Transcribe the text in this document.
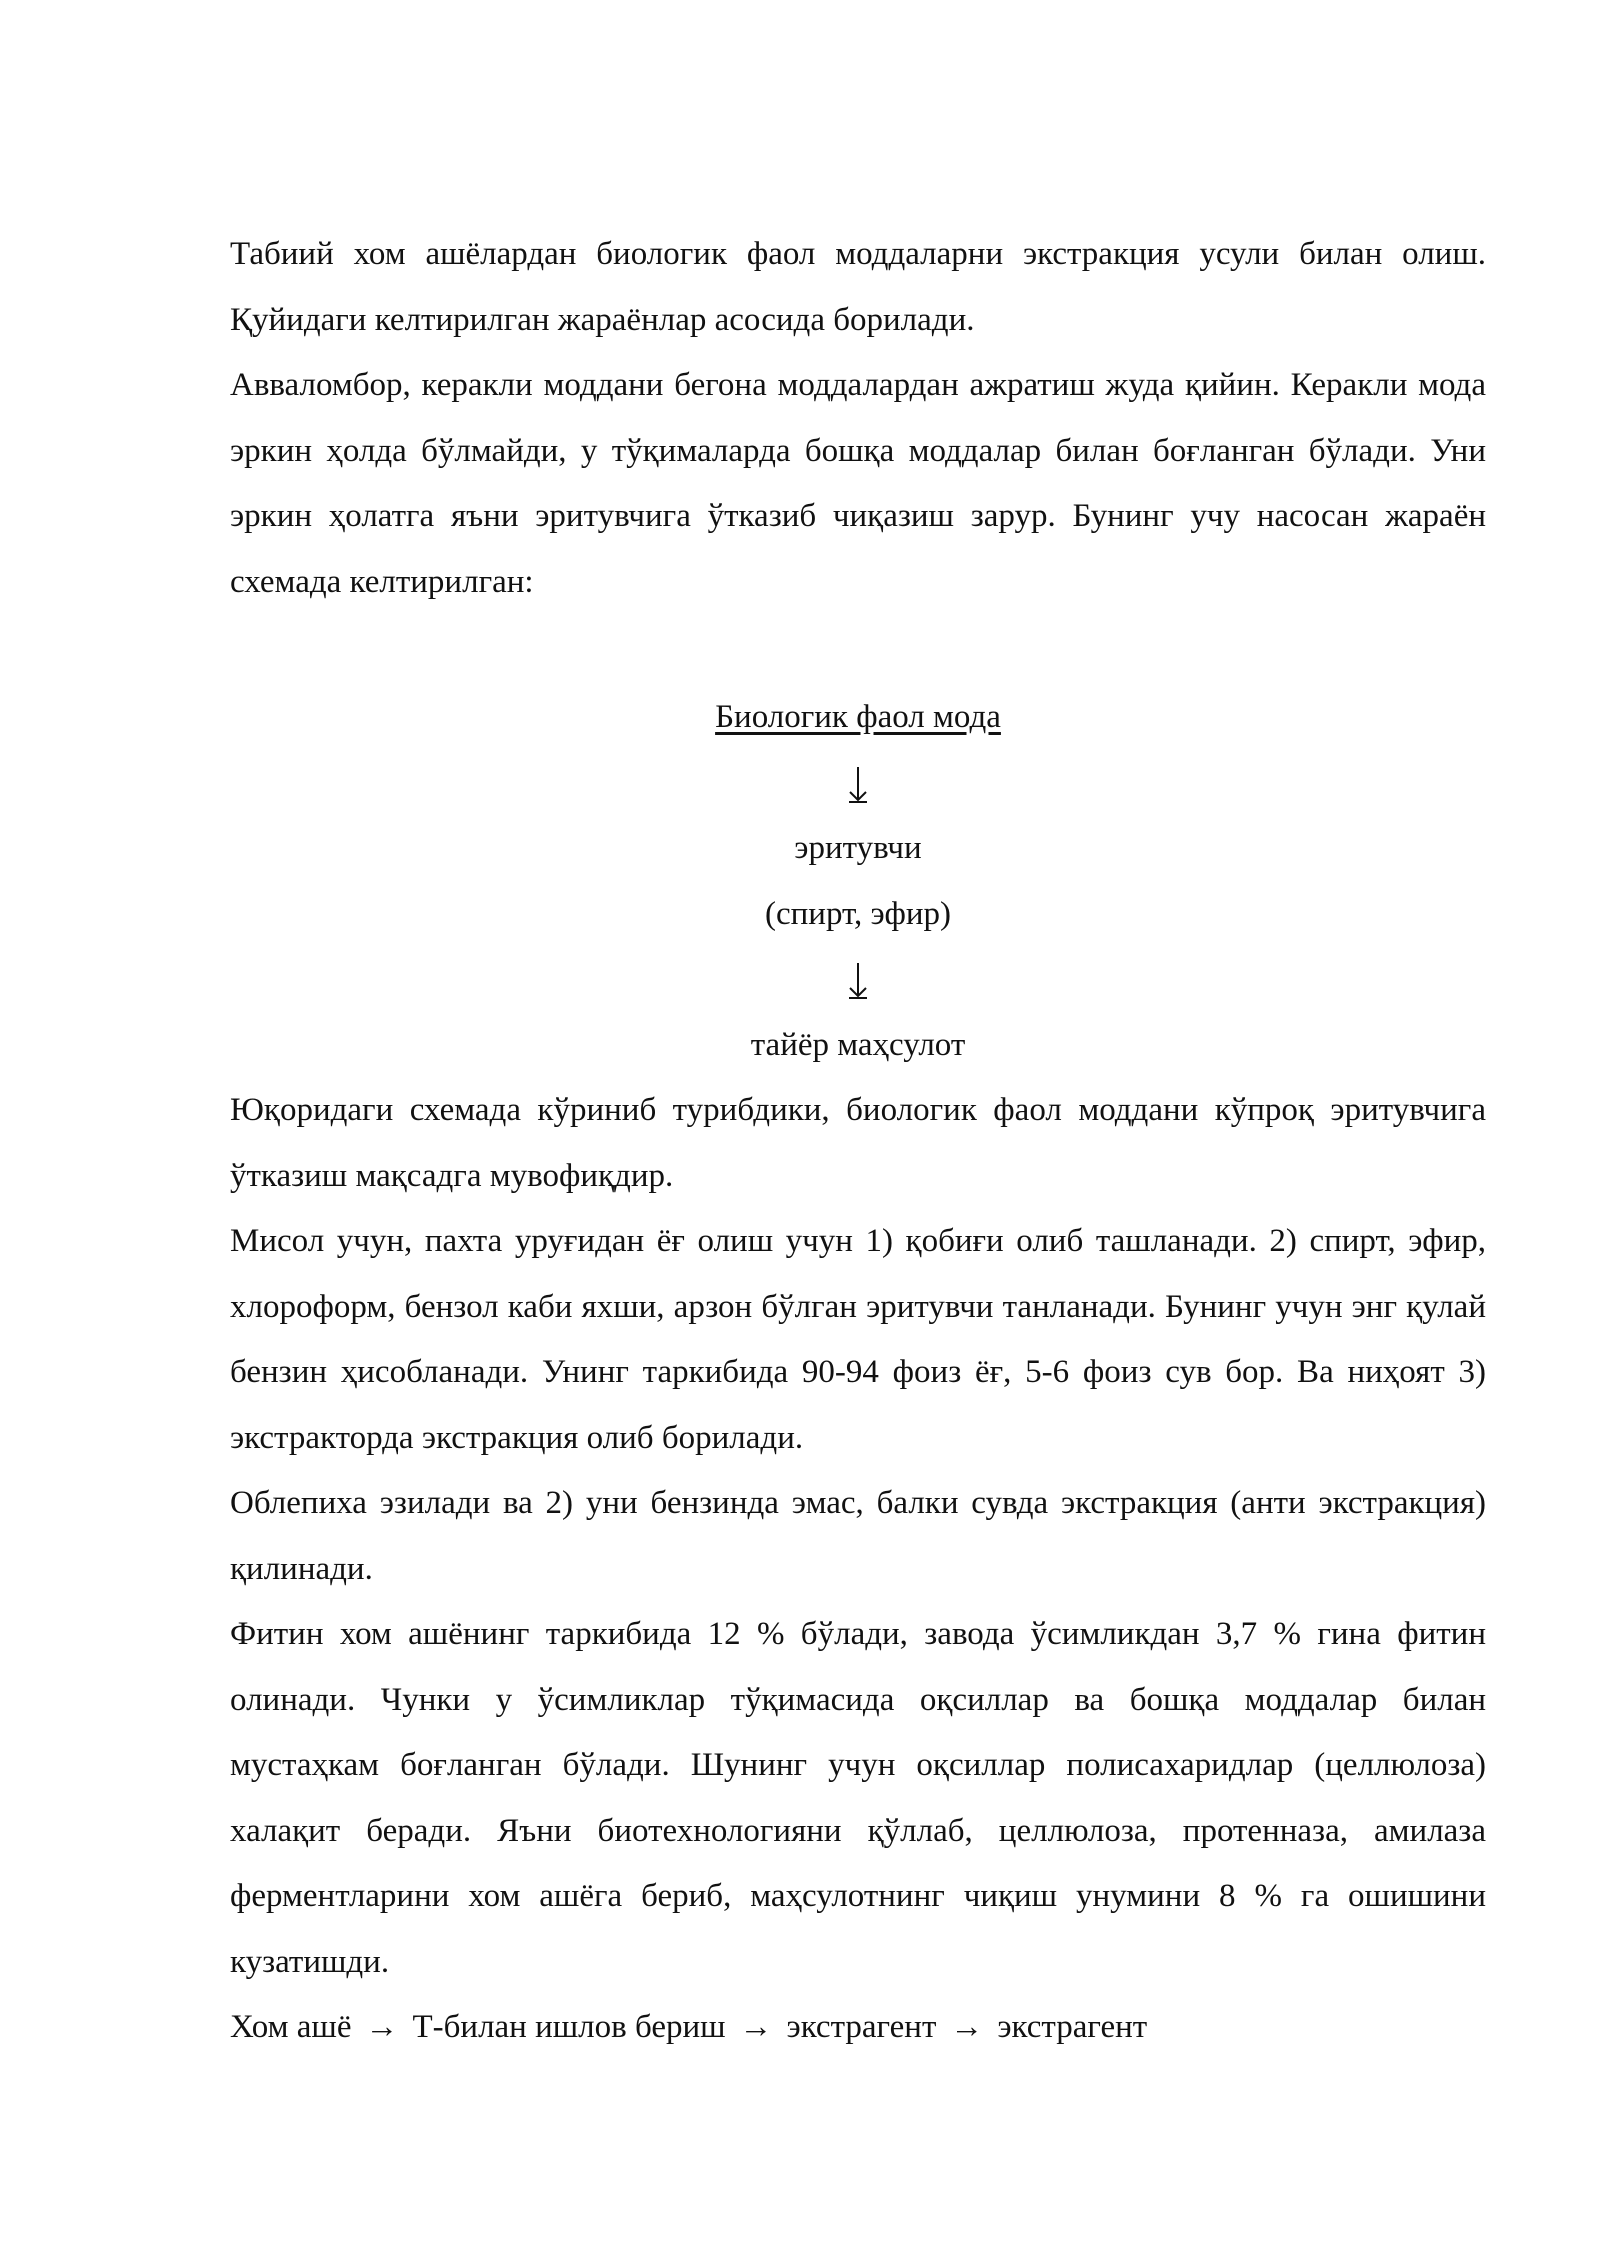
Табиий хом ашёлардан биологик фаол моддаларни экстракция усули билан олиш. Қуйидаги келтирилган жараёнлар асосида борилади.

Авваломбор, керакли моддани бегона моддалардан ажратиш жуда қийин. Керакли мода эркин ҳолда бўлмайди, у тўқималарда бошқа моддалар билан боғланган бўлади. Уни эркин ҳолатга яъни эритувчига ўтказиб чиқазиш зарур. Бунинг учу насосан жараён схемада келтирилган:

Биологик фаол мода
эритувчи
(спирт, эфир)
тайёр маҳсулот

Юқоридаги схемада кўриниб турибдики, биологик фаол моддани кўпроқ эритувчига ўтказиш мақсадга мувофиқдир.

Мисол учун, пахта уруғидан ёғ олиш учун 1) қобиғи олиб ташланади. 2) спирт, эфир, хлороформ, бензол каби яхши, арзон бўлган эритувчи танланади. Бунинг учун энг қулай бензин ҳисобланади. Унинг таркибида 90-94 фоиз ёғ, 5-6 фоиз сув бор. Ва ниҳоят 3) экстракторда экстракция олиб борилади.

Облепиха эзилади ва 2) уни бензинда эмас, балки сувда экстракция (анти экстракция) қилинади.

Фитин хом ашёнинг таркибида 12 % бўлади, завода ўсимликдан 3,7 % гина фитин олинади. Чунки у ўсимликлар тўқимасида оқсиллар ва бошқа моддалар билан мустаҳкам боғланган бўлади. Шунинг учун оқсиллар полисахаридлар (целлюлоза) халақит беради. Яъни биотехнологияни қўллаб, целлюлоза, протенназа, амилаза ферментларини хом ашёга бериб, маҳсулотнинг чиқиш унумини 8 % га ошишини кузатишди.

Хом ашё → Т-билан ишлов бериш → экстрагент → экстрагент
